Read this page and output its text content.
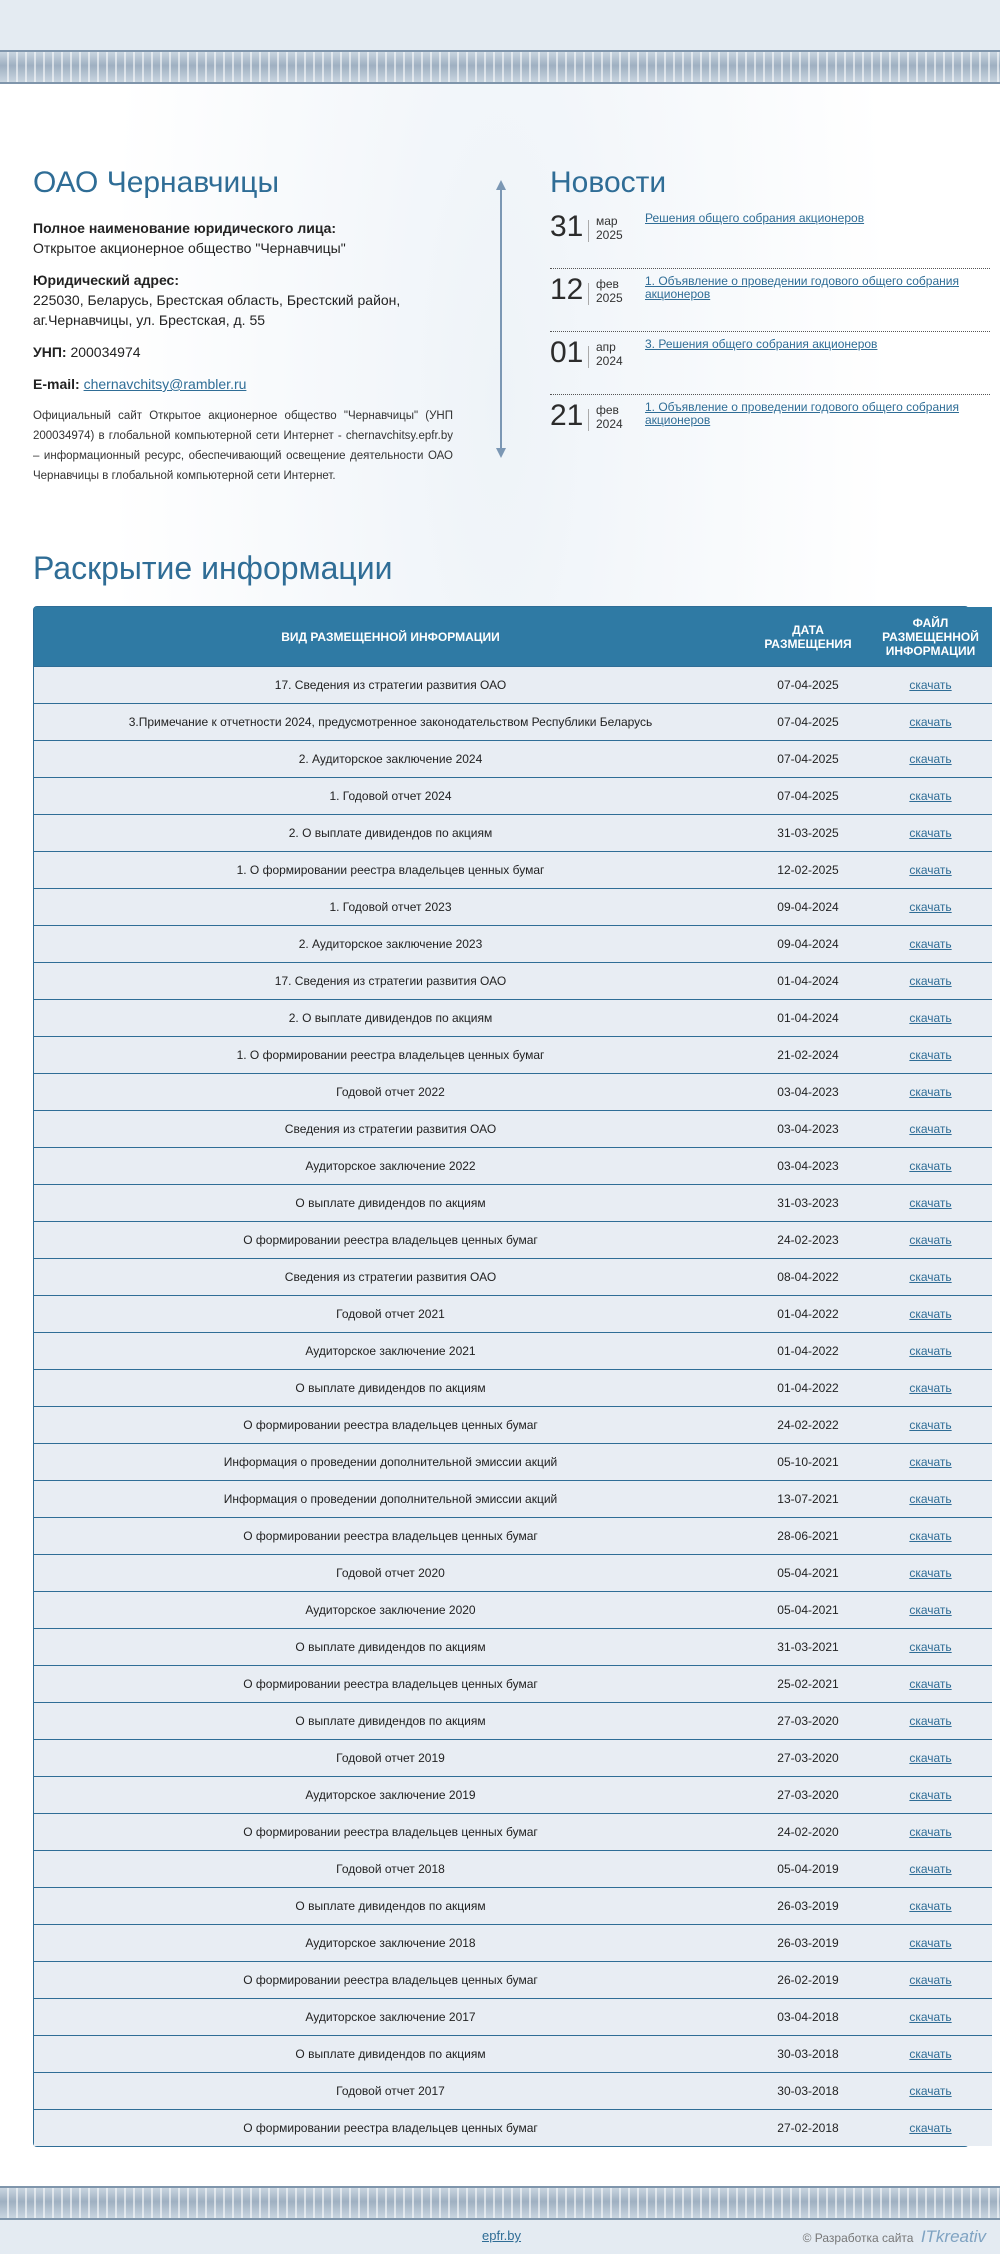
ОАО Чернавчицы
Полное наименование юридического лица:
Открытое акционерное общество "Чернавчицы"
Юридический адрес:
225030, Беларусь, Брестская область, Брестский район, аг.Чернавчицы, ул. Брестская, д. 55
УНП: 200034974
E-mail: chernavchitsy@rambler.ru
Официальный сайт Открытое акционерное общество "Чернавчицы" (УНП 200034974) в глобальной компьютерной сети Интернет - chernavchitsy.epfr.by – информационный ресурс, обеспечивающий освещение деятельности ОАО Чернавчицы в глобальной компьютерной сети Интернет.
Новости
31	мар
2025
Решения общего собрания акционеров
12	фев
2025
1. Объявление о проведении годового общего собрания акционеров
01	апр
2024
3. Решения общего собрания акционеров
21	фев
2024
1. Объявление о проведении годового общего собрания акционеров
Раскрытие информации
ВИД РАЗМЕЩЕННОЙ ИНФОРМАЦИИ	ДАТА РАЗМЕЩЕНИЯ	ФАЙЛ РАЗМЕЩЕННОЙ ИНФОРМАЦИИ
17. Сведения из стратегии развития ОАО	07-04-2025	скачать
3.Примечание к отчетности 2024, предусмотренное законодательством Республики Беларусь	07-04-2025	скачать
2. Аудиторское заключение 2024	07-04-2025	скачать
1. Годовой отчет 2024	07-04-2025	скачать
2. О выплате дивидендов по акциям	31-03-2025	скачать
1. О формировании реестра владельцев ценных бумаг	12-02-2025	скачать
1. Годовой отчет 2023	09-04-2024	скачать
2. Аудиторское заключение 2023	09-04-2024	скачать
17. Сведения из стратегии развития ОАО	01-04-2024	скачать
2. О выплате дивидендов по акциям	01-04-2024	скачать
1. О формировании реестра владельцев ценных бумаг	21-02-2024	скачать
Годовой отчет 2022	03-04-2023	скачать
Сведения из стратегии развития ОАО	03-04-2023	скачать
Аудиторское заключение 2022	03-04-2023	скачать
О выплате дивидендов по акциям	31-03-2023	скачать
О формировании реестра владельцев ценных бумаг	24-02-2023	скачать
Сведения из стратегии развития ОАО	08-04-2022	скачать
Годовой отчет 2021	01-04-2022	скачать
Аудиторское заключение 2021	01-04-2022	скачать
О выплате дивидендов по акциям	01-04-2022	скачать
О формировании реестра владельцев ценных бумаг	24-02-2022	скачать
Информация о проведении дополнительной эмиссии акций	05-10-2021	скачать
Информация о проведении дополнительной эмиссии акций	13-07-2021	скачать
О формировании реестра владельцев ценных бумаг	28-06-2021	скачать
Годовой отчет 2020	05-04-2021	скачать
Аудиторское заключение 2020	05-04-2021	скачать
О выплате дивидендов по акциям	31-03-2021	скачать
О формировании реестра владельцев ценных бумаг	25-02-2021	скачать
О выплате дивидендов по акциям	27-03-2020	скачать
Годовой отчет 2019	27-03-2020	скачать
Аудиторское заключение 2019	27-03-2020	скачать
О формировании реестра владельцев ценных бумаг	24-02-2020	скачать
Годовой отчет 2018	05-04-2019	скачать
О выплате дивидендов по акциям	26-03-2019	скачать
Аудиторское заключение 2018	26-03-2019	скачать
О формировании реестра владельцев ценных бумаг	26-02-2019	скачать
Аудиторское заключение 2017	03-04-2018	скачать
О выплате дивидендов по акциям	30-03-2018	скачать
Годовой отчет 2017	30-03-2018	скачать
О формировании реестра владельцев ценных бумаг	27-02-2018	скачать
epfr.by	© Разработка сайта ITkreativ
